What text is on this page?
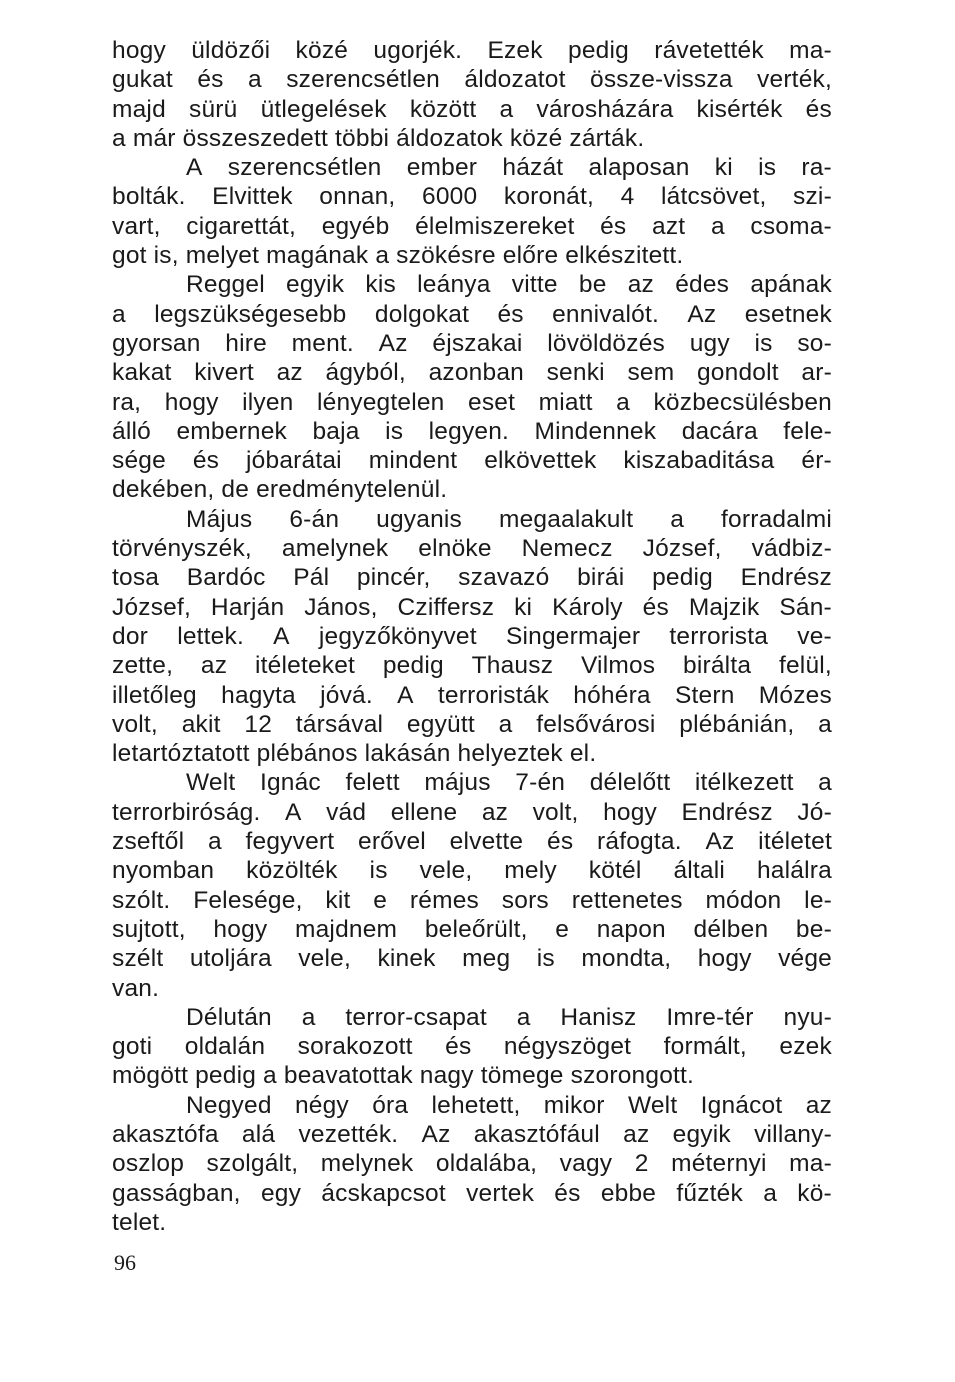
hogy üldözői közé ugorjék. Ezek pedig rávetették ma-
gukat és a szerencsétlen áldozatot össze-vissza verték,
majd sürü ütlegelések között a városházára kisérték és
a már összeszedett többi áldozatok közé zárták.
A szerencsétlen ember házát alaposan ki is ra-
bolták. Elvittek onnan, 6000 koronát, 4 látcsövet, szi-
vart, cigarettát, egyéb élelmiszereket és azt a csoma-
got is, melyet magának a szökésre előre elkészitett.
Reggel egyik kis leánya vitte be az édes apának
a legszükségesebb dolgokat és ennivalót. Az esetnek
gyorsan hire ment. Az éjszakai lövöldözés ugy is so-
kakat kivert az ágyból, azonban senki sem gondolt ar-
ra, hogy ilyen lényegtelen eset miatt a közbecsülésben
álló embernek baja is legyen. Mindennek dacára fele-
sége és jóbarátai mindent elkövettek kiszabaditása ér-
dekében, de eredménytelenül.
Május 6-án ugyanis megaalakult a forradalmi
törvényszék, amelynek elnöke Nemecz József, vádbiz-
tosa Bardóc Pál pincér, szavazó birái pedig Endrész
József, Harján János, Cziffersz ki Károly és Majzik Sán-
dor lettek. A jegyzőkönyvet Singermajer terrorista ve-
zette, az itéleteket pedig Thausz Vilmos birálta felül,
illetőleg hagyta jóvá. A terroristák hóhéra Stern Mózes
volt, akit 12 társával együtt a felsővárosi plébánián, a
letartóztatott plébános lakásán helyeztek el.
Welt Ignác felett május 7-én délelőtt itélkezett a
terrorbiróság. A vád ellene az volt, hogy Endrész Jó-
zseftől a fegyvert erővel elvette és ráfogta. Az itéletet
nyomban közölték is vele, mely kötél általi halálra
szólt. Felesége, kit e rémes sors rettenetes módon le-
sujtott, hogy majdnem beleőrült, e napon délben be-
szélt utoljára vele, kinek meg is mondta, hogy vége
van.
Délután a terror-csapat a Hanisz Imre-tér nyu-
goti oldalán sorakozott és négyszöget formált, ezek
mögött pedig a beavatottak nagy tömege szorongott.
Negyed négy óra lehetett, mikor Welt Ignácot az
akasztófa alá vezették. Az akasztófául az egyik villany-
oszlop szolgált, melynek oldalába, vagy 2 méternyi ma-
gasságban, egy ácskapcsot vertek és ebbe fűzték a kö-
telet.
96
